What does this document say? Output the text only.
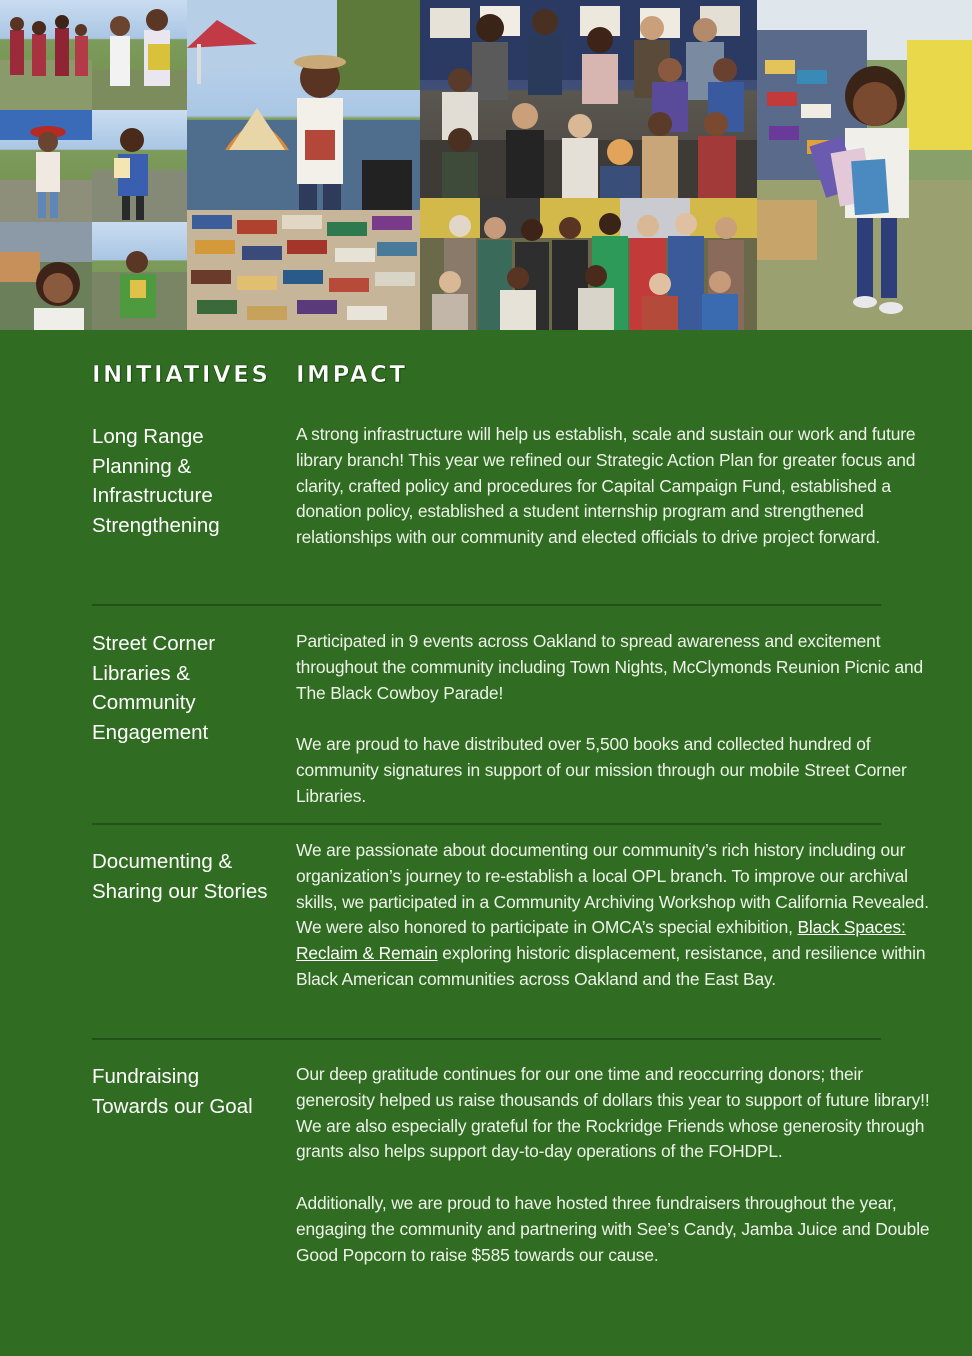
INITIATIVES IMPACT
Long Range Planning & Infrastructure Strengthening

A strong infrastructure will help us establish, scale and sustain our work and future library branch! This year we refined our Strategic Action Plan for greater focus and clarity, crafted policy and procedures for Capital Campaign Fund, established a donation policy, established a student internship program and strengthened relationships with our community and elected officials to drive project forward.

Street Corner Libraries & Community Engagement

Participated in 9 events across Oakland to spread awareness and excitement throughout the community including Town Nights, McClymonds Reunion Picnic and The Black Cowboy Parade!

We are proud to have distributed over 5,500 books and collected hundred of community signatures in support of our mission through our mobile Street Corner Libraries.

Documenting & Sharing our Stories

We are passionate about documenting our community’s rich history including our organization’s journey to re-establish a local OPL branch. To improve our archival skills, we participated in a Community Archiving Workshop with California Revealed. We were also honored to participate in OMCA’s special exhibition, Black Spaces: Reclaim & Remain exploring historic displacement, resistance, and resilience within Black American communities across Oakland and the East Bay.

Fundraising Towards our Goal

Our deep gratitude continues for our one time and reoccurring donors; their generosity helped us raise thousands of dollars this year to support of future library!! We are also especially grateful for the Rockridge Friends whose generosity through grants also helps support day-to-day operations of the FOHDPL.

Additionally, we are proud to have hosted three fundraisers throughout the year, engaging the community and partnering with See’s Candy, Jamba Juice and Double Good Popcorn to raise $585 towards our cause.
